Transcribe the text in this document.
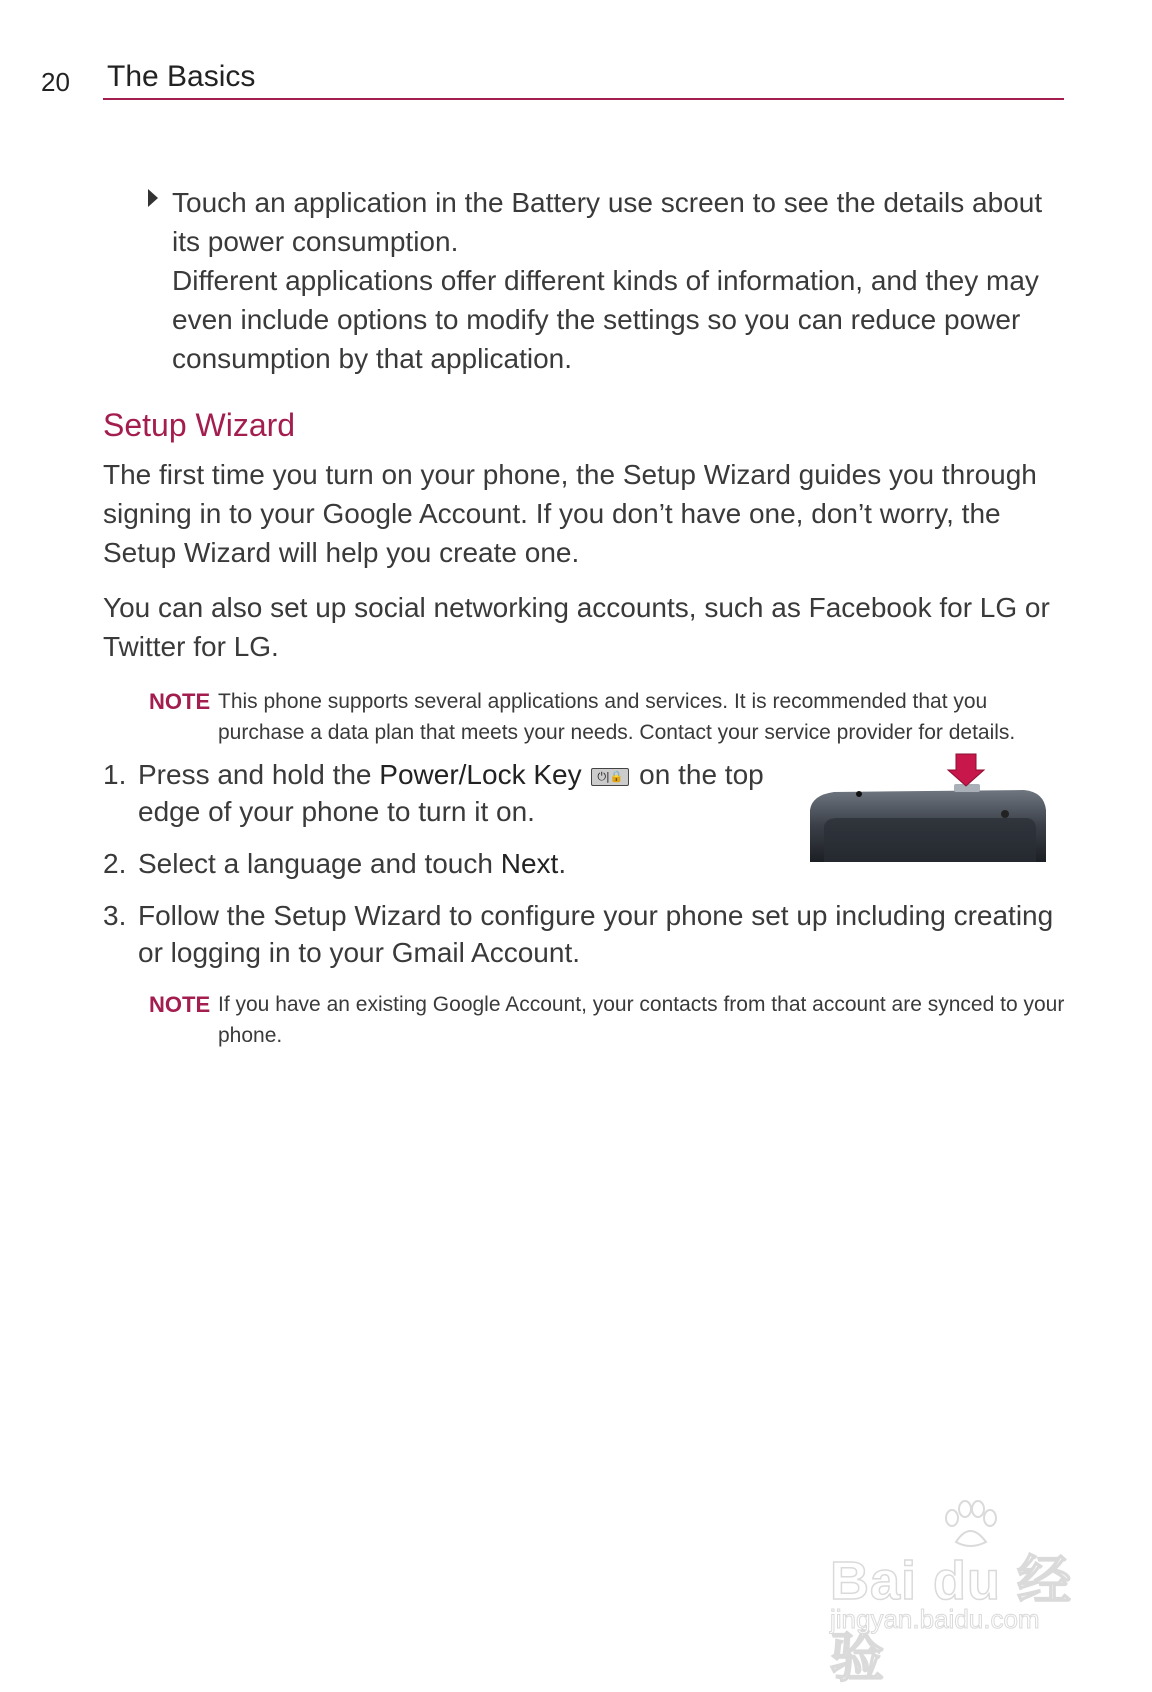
20 The Basics

Touch an application in the Battery use screen to see the details about its power consumption.

Different applications offer different kinds of information, and they may even include options to modify the settings so you can reduce power consumption by that application.

Setup Wizard

The first time you turn on your phone, the Setup Wizard guides you through signing in to your Google Account. If you don’t have one, don’t worry, the Setup Wizard will help you create one.

You can also set up social networking accounts, such as Facebook for LG or Twitter for LG.

NOTE This phone supports several applications and services. It is recommended that you purchase a data plan that meets your needs. Contact your service provider for details.
1. Press and hold the Power/Lock Key ⏻|🔒 on the top edge of your phone to turn it on.
2. Select a language and touch Next.
3. Follow the Setup Wizard to configure your phone set up including creating or logging in to your Gmail Account.
NOTE If you have an existing Google Account, your contacts from that account are synced to your phone.
Bai du 经验
jingyan.baidu.com
